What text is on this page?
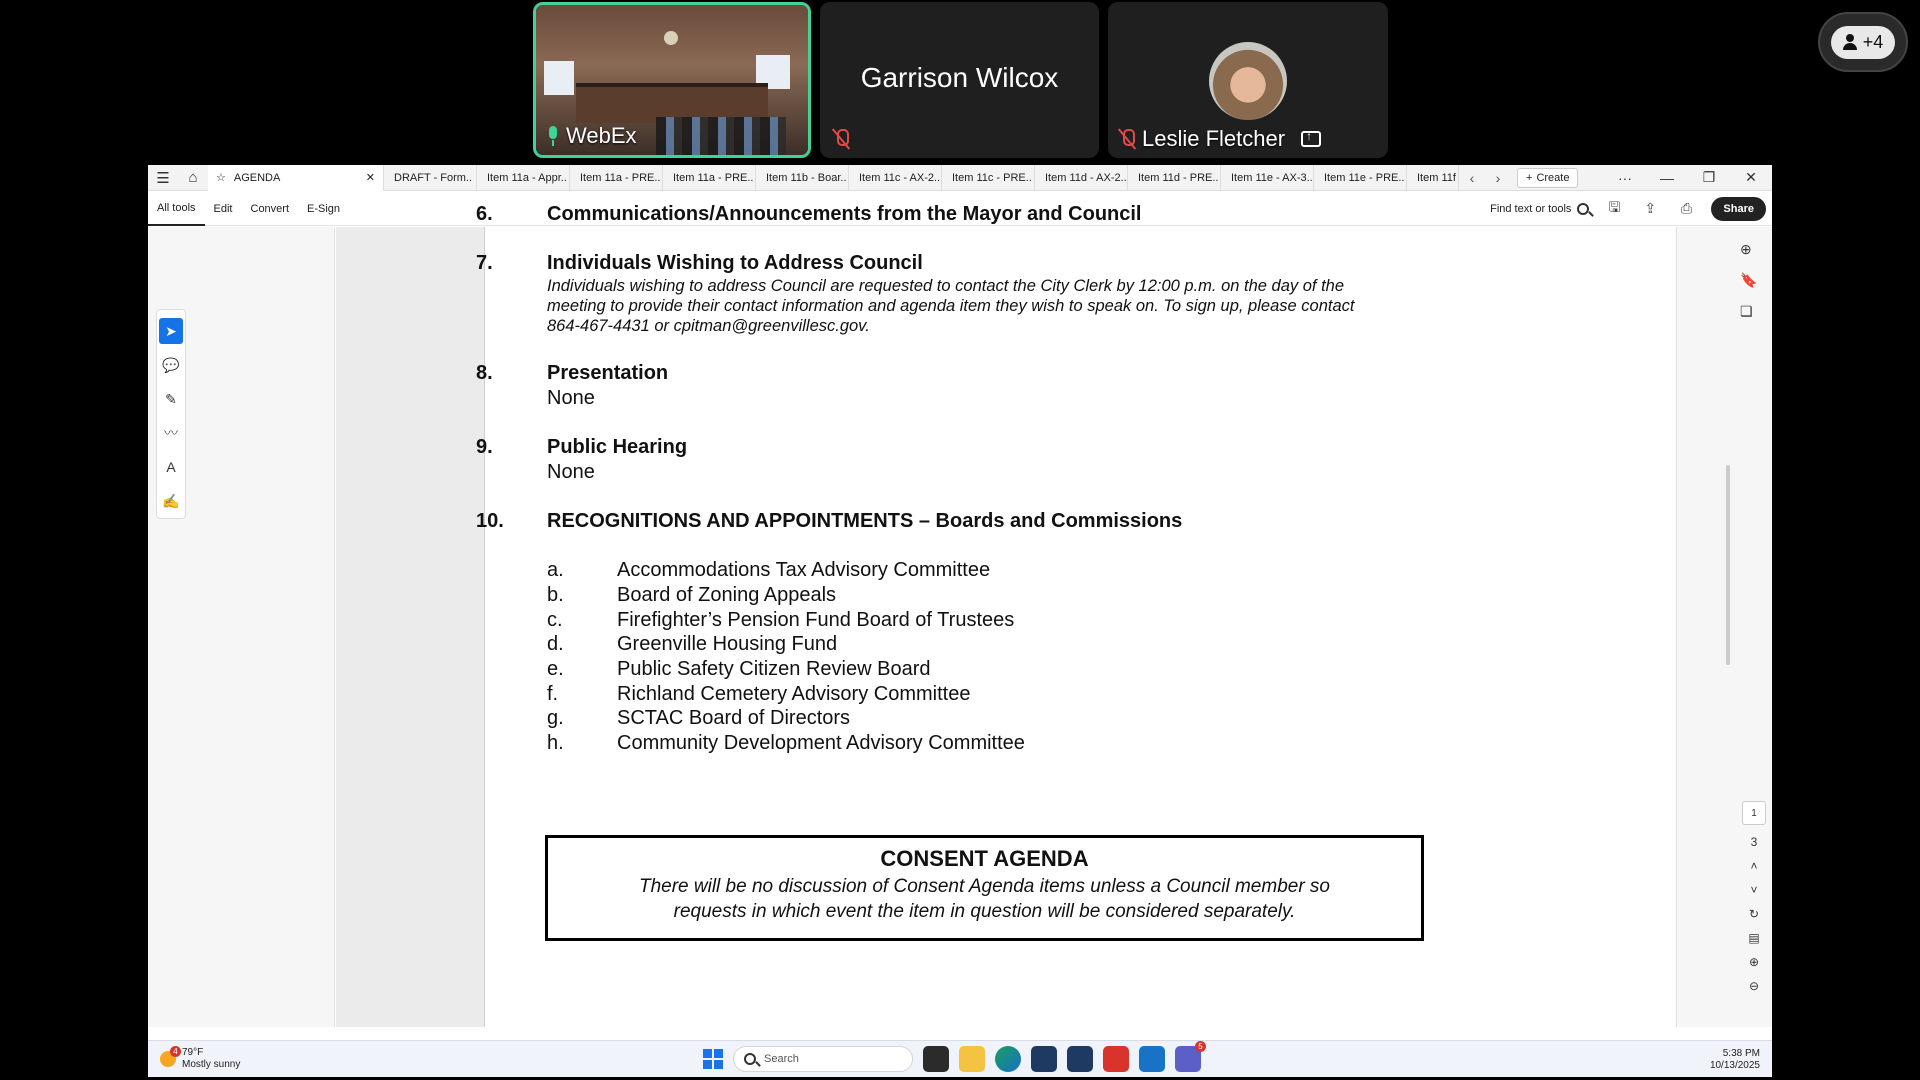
WebEx
Garrison Wilcox
Leslie Fletcher
↑
+4
☰	⌂	☆ AGENDA	✕	DRAFT - Form..	Item 11a - Appr..	Item 11a - PRE..	Item 11a - PRE..	Item 11b - Boar..	Item 11c - AX-2..	Item 11c - PRE..	Item 11d - AX-2..	Item 11d - PRE..	Item 11e - AX-3..	Item 11e - PRE..	Item 11f ‹	›	+ Create	···	—	❐	✕
All tools	Edit	Convert	E-Sign	Find text or tools	🖫	⇪	⎙	Share
➤
💬
✎
〰
A
✍
⊕
🔖
❏
1
3
˄
˅
↻
▤
⊕
⊖
6.	Communications/Announcements from the Mayor and Council
7.	Individuals Wishing to Address Council
Individuals wishing to address Council are requested to contact the City Clerk by 12:00 p.m. on the day of the
meeting to provide their contact information and agenda item they wish to speak on. To sign up, please contact
864-467-4431 or cpitman@greenvillesc.gov.
8.	Presentation
None
9.	Public Hearing
None
10. RECOGNITIONS AND APPOINTMENTS – Boards and Commissions
a.	Accommodations Tax Advisory Committee
b.	Board of Zoning Appeals
c.	Firefighter’s Pension Fund Board of Trustees
d.	Greenville Housing Fund
e.	Public Safety Citizen Review Board
f.	Richland Cemetery Advisory Committee
g.	SCTAC Board of Directors
h.	Community Development Advisory Committee
CONSENT AGENDA
There will be no discussion of Consent Agenda items unless a Council member so
requests in which event the item in question will be considered separately.
4 79°F
Mostly sunny	Search
5
5:38 PM
10/13/2025
